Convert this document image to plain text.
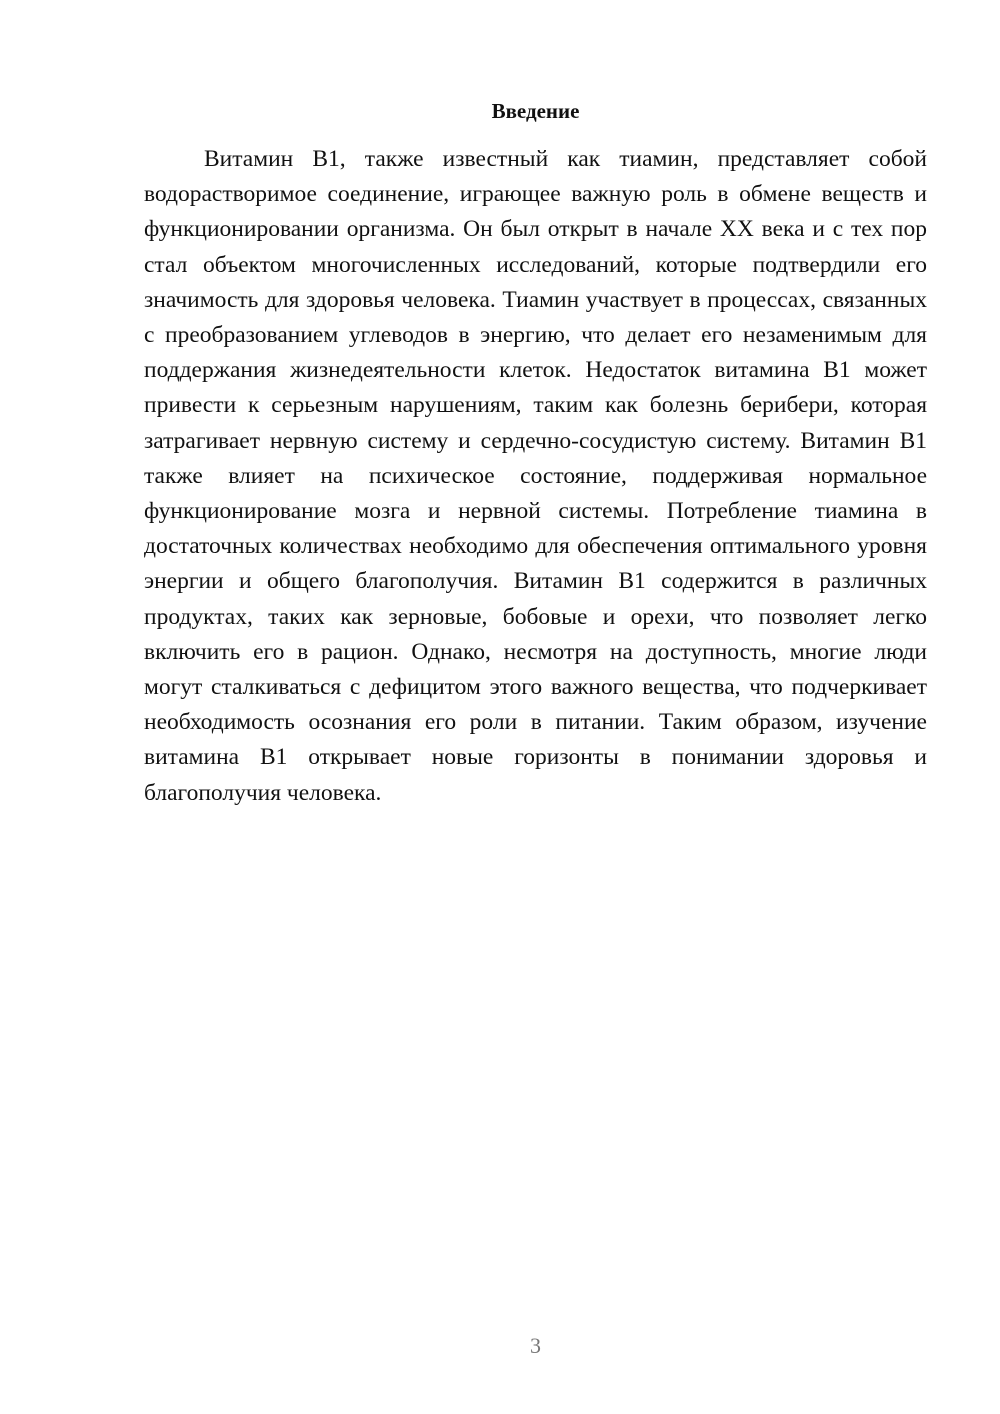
Введение

Витамин B1, также известный как тиамин, представляет собой водорастворимое соединение, играющее важную роль в обмене веществ и функционировании организма. Он был открыт в начале XX века и с тех пор стал объектом многочисленных исследований, которые подтвердили его значимость для здоровья человека. Тиамин участвует в процессах, связанных с преобразованием углеводов в энергию, что делает его незаменимым для поддержания жизнедеятельности клеток. Недостаток витамина B1 может привести к серьезным нарушениям, таким как болезнь берибери, которая затрагивает нервную систему и сердечно-сосудистую систему. Витамин B1 также влияет на психическое состояние, поддерживая нормальное функционирование мозга и нервной системы. Потребление тиамина в достаточных количествах необходимо для обеспечения оптимального уровня энергии и общего благополучия. Витамин B1 содержится в различных продуктах, таких как зерновые, бобовые и орехи, что позволяет легко включить его в рацион. Однако, несмотря на доступность, многие люди могут сталкиваться с дефицитом этого важного вещества, что подчеркивает необходимость осознания его роли в питании. Таким образом, изучение витамина B1 открывает новые горизонты в понимании здоровья и благополучия человека.

3
